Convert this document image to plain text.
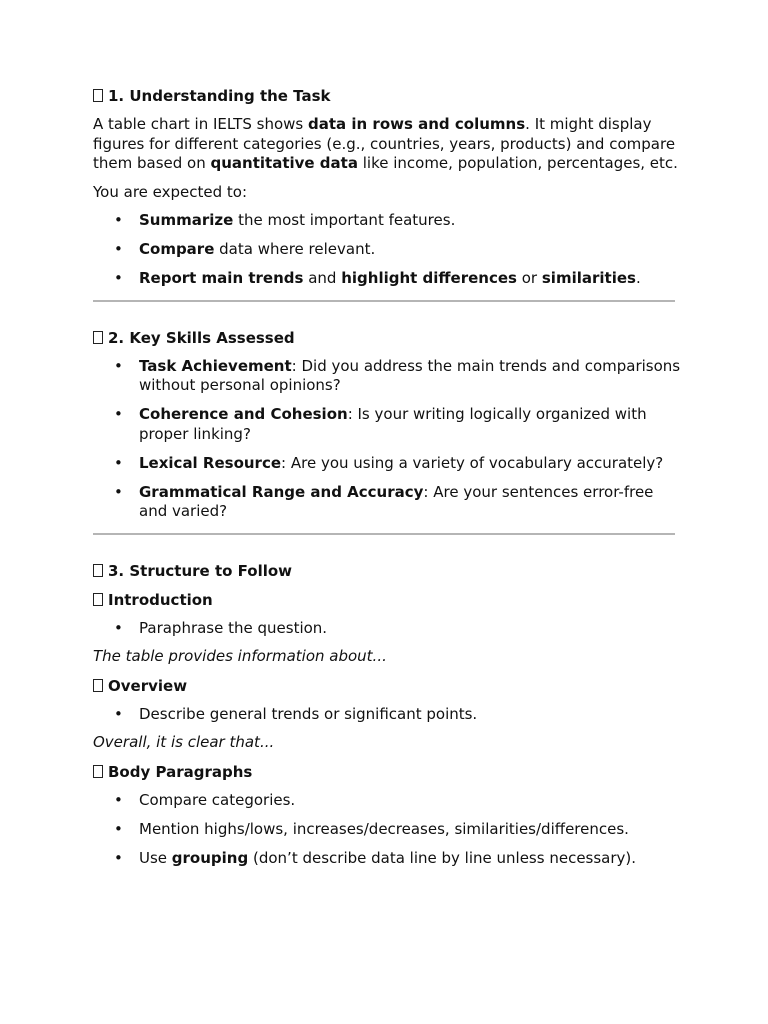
1. Understanding the Task

A table chart in IELTS shows data in rows and columns. It might display figures for different categories (e.g., countries, years, products) and compare them based on quantitative data like income, population, percentages, etc.

You are expected to:

• Summarize the most important features.
• Compare data where relevant.
• Report main trends and highlight differences or similarities.
2. Key Skills Assessed
• Task Achievement: Did you address the main trends and comparisons without personal opinions?
• Coherence and Cohesion: Is your writing logically organized with proper linking?
• Lexical Resource: Are you using a variety of vocabulary accurately?
• Grammatical Range and Accuracy: Are your sentences error-free and varied?
3. Structure to Follow
Introduction
• Paraphrase the question.

The table provides information about...

Overview
• Describe general trends or significant points.

Overall, it is clear that...

Body Paragraphs
• Compare categories.
• Mention highs/lows, increases/decreases, similarities/differences.
• Use grouping (don’t describe data line by line unless necessary).
